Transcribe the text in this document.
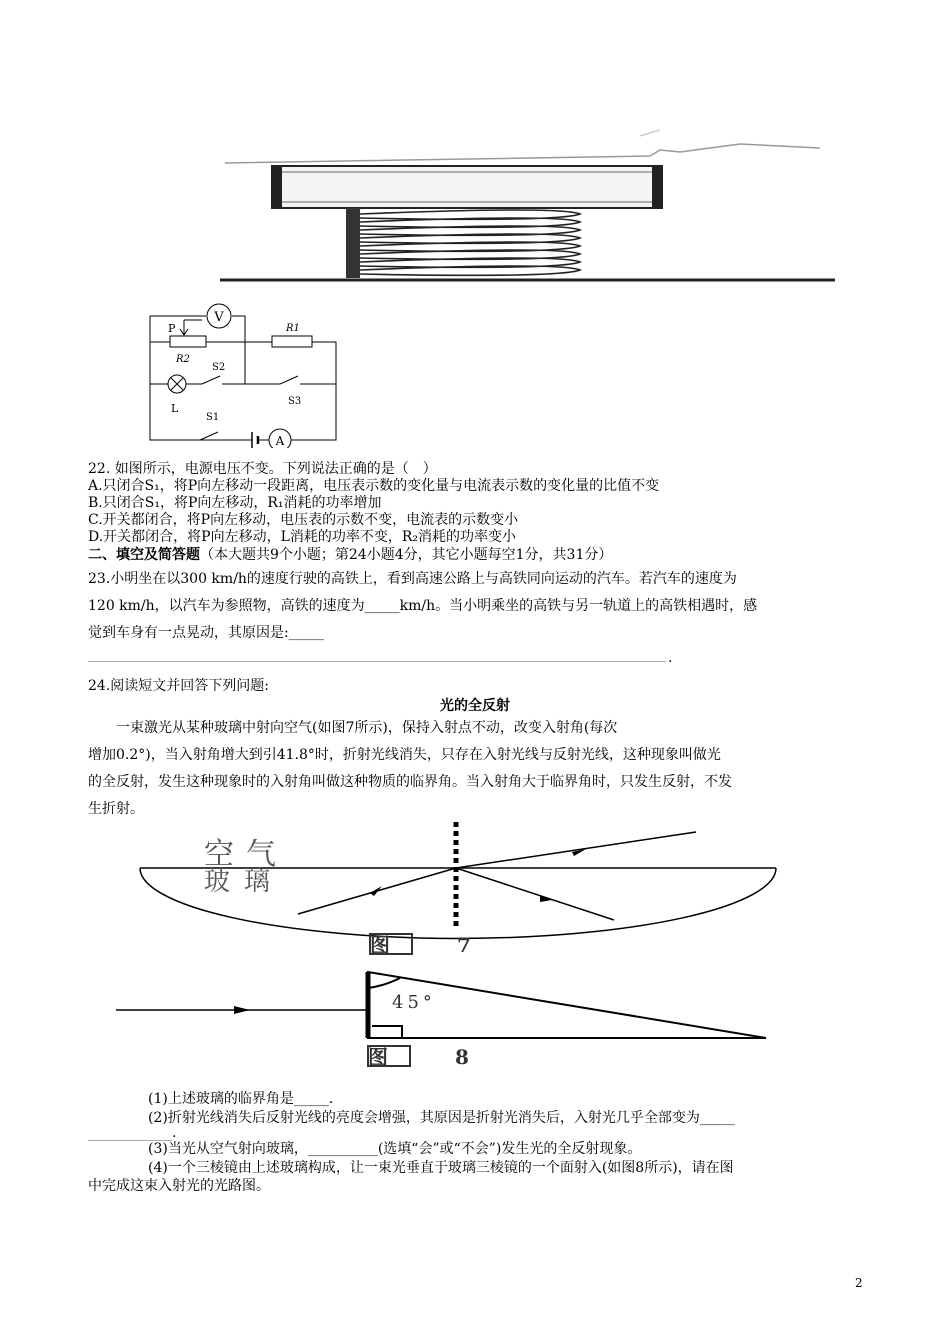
V
A
P
R2
R1
S2
S3
L
S1
22. 如图所示，电源电压不变。下列说法正确的是（　）
A.只闭合S₁，将P向左移动一段距离，电压表示数的变化量与电流表示数的变化量的比值不变
B.只闭合S₁，将P向左移动，R₁消耗的功率增加
C.开关都闭合，将P向左移动，电压表的示数不变，电流表的示数变小
D.开关都闭合，将P向左移动，L消耗的功率不变，R₂消耗的功率变小
二、填空及简答题（本大题共9个小题；第24小题4分，其它小题每空1分，共31分）
23.小明坐在以300 km/h的速度行驶的高铁上，看到高速公路上与高铁同向运动的汽车。若汽车的速度为
120 km/h，以汽车为参照物，高铁的速度为_____km/h。当小明乘坐的高铁与另一轨道上的高铁相遇时，感
觉到车身有一点晃动，其原因是:_____
.
24.阅读短文并回答下列问题:
光的全反射
一束激光从某种玻璃中射向空气(如图7所示)，保持入射点不动，改变入射角(每次
增加0.2°)，当入射角增大到引41.8°时，折射光线消失，只存在入射光线与反射光线，这种现象叫做光
的全反射，发生这种现象时的入射角叫做这种物质的临界角。当入射角大于临界角时，只发生反射，不发
生折射。
空气
玻璃
图 7
45°
图 8
(1)上述玻璃的临界角是_____.
(2)折射光线消失后反射光线的亮度会增强，其原因是折射光消失后，入射光几乎全部变为_____
.
(3)当光从空气射向玻璃，__________(选填“会”或“不会”)发生光的全反射现象。
(4)一个三棱镜由上述玻璃构成，让一束光垂直于玻璃三棱镜的一个面射入(如图8所示)，请在图
中完成这束入射光的光路图。
2
